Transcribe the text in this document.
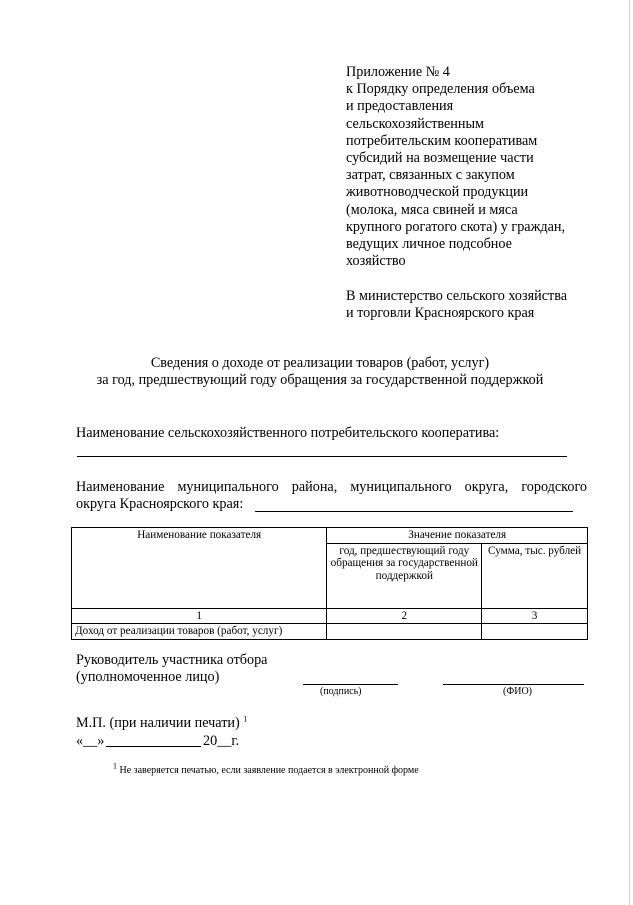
Приложение № 4
к Порядку определения объема
и предоставления
сельскохозяйственным
потребительским кооперативам
субсидий на возмещение части
затрат, связанных с закупом
животноводческой продукции
(молока, мяса свиней и мяса
крупного рогатого скота) у граждан,
ведущих личное подсобное
хозяйство
В министерство сельского хозяйства
и торговли Красноярского края
Сведения о доходе от реализации товаров (работ, услуг)
за год, предшествующий году обращения за государственной поддержкой
Наименование сельскохозяйственного потребительского кооператива:
Наименование муниципального района, муниципального округа, городского
округа Красноярского края:
Наименование показателя	Значение показателя	
	год, предшествующий году обращения за государственной поддержкой	Сумма, тыс. рублей
1	2	3
Доход от реализации товаров (работ, услуг)		
Руководитель участника отбора
(уполномоченное лицо)
(подпись)	(ФИО)
М.П. (при наличии печати) $^1$
«__»	20__г.
$^1$ Не заверяется печатью, если заявление подается в электронной форме
